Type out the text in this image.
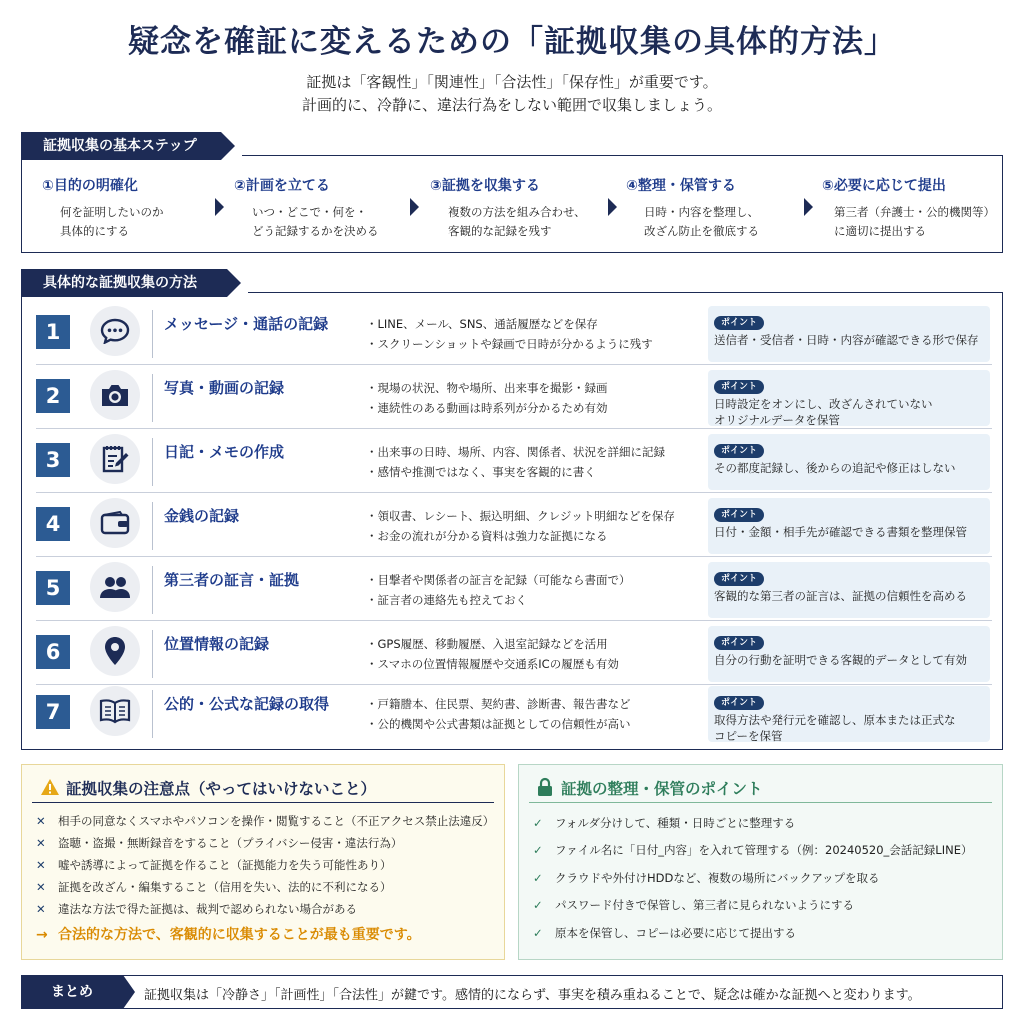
疑念を確証に変えるための「証拠収集の具体的方法」
証拠は「客観性」「関連性」「合法性」「保存性」が重要です。
計画的に、冷静に、違法行為をしない範囲で収集しましょう。
証拠収集の基本ステップ
①目的の明確化
何を証明したいのか
具体的にする
②計画を立てる
いつ・どこで・何を・
どう記録するかを決める
③証拠を収集する
複数の方法を組み合わせ、
客観的な記録を残す
④整理・保管する
日時・内容を整理し、
改ざん防止を徹底する
⑤必要に応じて提出
第三者（弁護士・公的機関等）
に適切に提出する
具体的な証拠収集の方法
1	メッセージ・通話の記録	・LINE、メール、SNS、通話履歴などを保存
・スクリーンショットや録画で日時が分かるように残す
ポイント
送信者・受信者・日時・内容が確認できる形で保存
2	写真・動画の記録	・現場の状況、物や場所、出来事を撮影・録画
・連続性のある動画は時系列が分かるため有効
ポイント
日時設定をオンにし、改ざんされていない
オリジナルデータを保管
3	日記・メモの作成	・出来事の日時、場所、内容、関係者、状況を詳細に記録
・感情や推測ではなく、事実を客観的に書く
ポイント
その都度記録し、後からの追記や修正はしない
4	金銭の記録	・領収書、レシート、振込明細、クレジット明細などを保存
・お金の流れが分かる資料は強力な証拠になる
ポイント
日付・金額・相手先が確認できる書類を整理保管
5	第三者の証言・証拠	・目撃者や関係者の証言を記録（可能なら書面で）
・証言者の連絡先も控えておく
ポイント
客観的な第三者の証言は、証拠の信頼性を高める
6	位置情報の記録	・GPS履歴、移動履歴、入退室記録などを活用
・スマホの位置情報履歴や交通系ICの履歴も有効
ポイント
自分の行動を証明できる客観的データとして有効
7	公的・公式な記録の取得	・戸籍謄本、住民票、契約書、診断書、報告書など
・公的機関や公式書類は証拠としての信頼性が高い
ポイント
取得方法や発行元を確認し、原本または正式な
コピーを保管
証拠収集の注意点（やってはいけないこと）
✕ 相手の同意なくスマホやパソコンを操作・閲覧すること（不正アクセス禁止法違反）
✕ 盗聴・盗撮・無断録音をすること（プライバシー侵害・違法行為）
✕ 嘘や誘導によって証拠を作ること（証拠能力を失う可能性あり）
✕ 証拠を改ざん・編集すること（信用を失い、法的に不利になる）
✕ 違法な方法で得た証拠は、裁判で認められない場合がある
→ 合法的な方法で、客観的に収集することが最も重要です。
証拠の整理・保管のポイント
✓ フォルダ分けして、種類・日時ごとに整理する
✓ ファイル名に「日付_内容」を入れて管理する（例：20240520_会話記録LINE）
✓ クラウドや外付けHDDなど、複数の場所にバックアップを取る
✓ パスワード付きで保管し、第三者に見られないようにする
✓ 原本を保管し、コピーは必要に応じて提出する
まとめ	証拠収集は「冷静さ」「計画性」「合法性」が鍵です。感情的にならず、事実を積み重ねることで、疑念は確かな証拠へと変わります。
